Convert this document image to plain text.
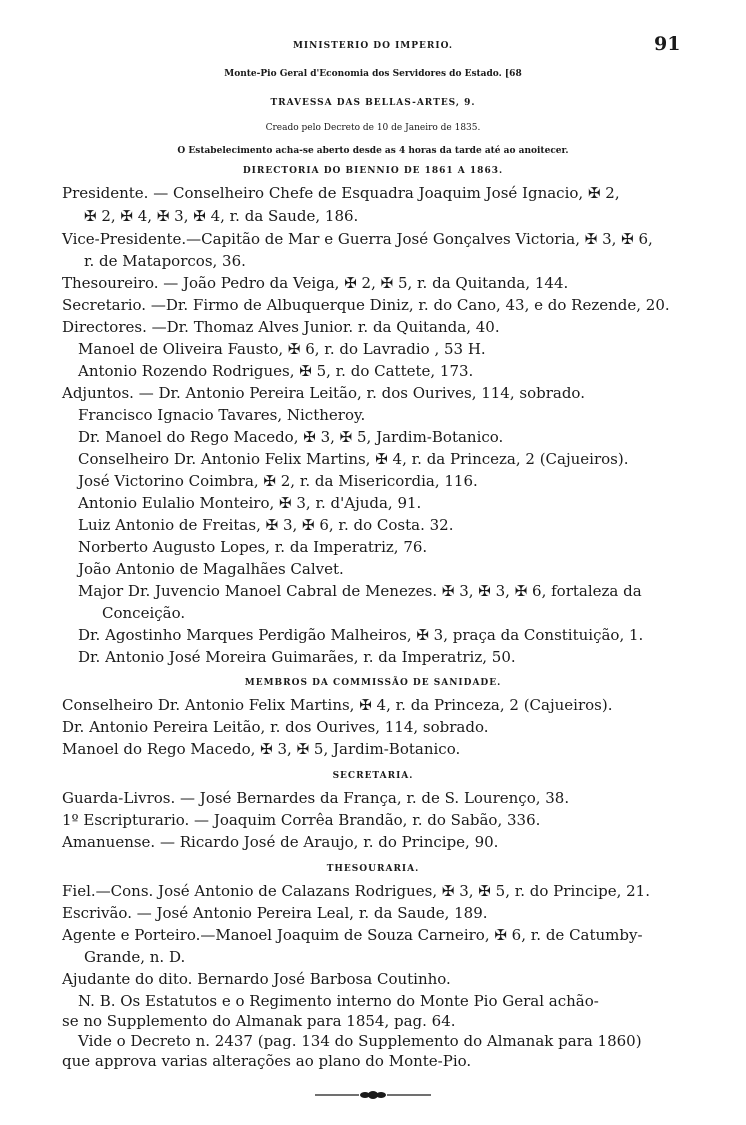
MINISTERIO DO IMPERIO.	91
Monte-Pio Geral d'Economia dos Servidores do Estado. [68
TRAVESSA DAS BELLAS-ARTES, 9.
Creado pelo Decreto de 10 de Janeiro de 1835.
O Estabelecimento acha-se aberto desde as 4 horas da tarde até ao anoitecer.
DIRECTORIA DO BIENNIO DE 1861 A 1863.
Presidente. — Conselheiro Chefe de Esquadra Joaquim José Ignacio, ✠ 2,
✠ 2, ✠ 4, ✠ 3, ✠ 4, r. da Saude, 186.
Vice-Presidente.—Capitão de Mar e Guerra José Gonçalves Victoria, ✠ 3, ✠ 6,
r. de Mataporcos, 36.
Thesoureiro. — João Pedro da Veiga, ✠ 2, ✠ 5, r. da Quitanda, 144.
Secretario. —Dr. Firmo de Albuquerque Diniz, r. do Cano, 43, e do Rezende, 20.
Directores. —Dr. Thomaz Alves Junior. r. da Quitanda, 40.
Manoel de Oliveira Fausto, ✠ 6, r. do Lavradio , 53 H.
Antonio Rozendo Rodrigues, ✠ 5, r. do Cattete, 173.
Adjuntos. — Dr. Antonio Pereira Leitão, r. dos Ourives, 114, sobrado.
Francisco Ignacio Tavares, Nictheroy.
Dr. Manoel do Rego Macedo, ✠ 3, ✠ 5, Jardim-Botanico.
Conselheiro Dr. Antonio Felix Martins, ✠ 4, r. da Princeza, 2 (Cajueiros).
José Victorino Coimbra, ✠ 2, r. da Misericordia, 116.
Antonio Eulalio Monteiro, ✠ 3, r. d'Ajuda, 91.
Luiz Antonio de Freitas, ✠ 3, ✠ 6, r. do Costa. 32.
Norberto Augusto Lopes, r. da Imperatriz, 76.
João Antonio de Magalhães Calvet.
Major Dr. Juvencio Manoel Cabral de Menezes. ✠ 3, ✠ 3, ✠ 6, fortaleza da
Conceição.
Dr. Agostinho Marques Perdigão Malheiros, ✠ 3, praça da Constituição, 1.
Dr. Antonio José Moreira Guimarães, r. da Imperatriz, 50.
MEMBROS DA COMMISSÃO DE SANIDADE.
Conselheiro Dr. Antonio Felix Martins, ✠ 4, r. da Princeza, 2 (Cajueiros).
Dr. Antonio Pereira Leitão, r. dos Ourives, 114, sobrado.
Manoel do Rego Macedo, ✠ 3, ✠ 5, Jardim-Botanico.
SECRETARIA.
Guarda-Livros. — José Bernardes da França, r. de S. Lourenço, 38.
1º Escripturario. — Joaquim Corrêa Brandão, r. do Sabão, 336.
Amanuense. — Ricardo José de Araujo, r. do Principe, 90.
THESOURARIA.
Fiel.—Cons. José Antonio de Calazans Rodrigues, ✠ 3, ✠ 5, r. do Principe, 21.
Escrivão. — José Antonio Pereira Leal, r. da Saude, 189.
Agente e Porteiro.—Manoel Joaquim de Souza Carneiro, ✠ 6, r. de Catumby-
Grande, n. D.
Ajudante do dito. Bernardo José Barbosa Coutinho.
N. B. Os Estatutos e o Regimento interno do Monte Pio Geral achão-
se no Supplemento do Almanak para 1854, pag. 64.
Vide o Decreto n. 2437 (pag. 134 do Supplemento do Almanak para 1860)
que approva varias alterações ao plano do Monte-Pio.
